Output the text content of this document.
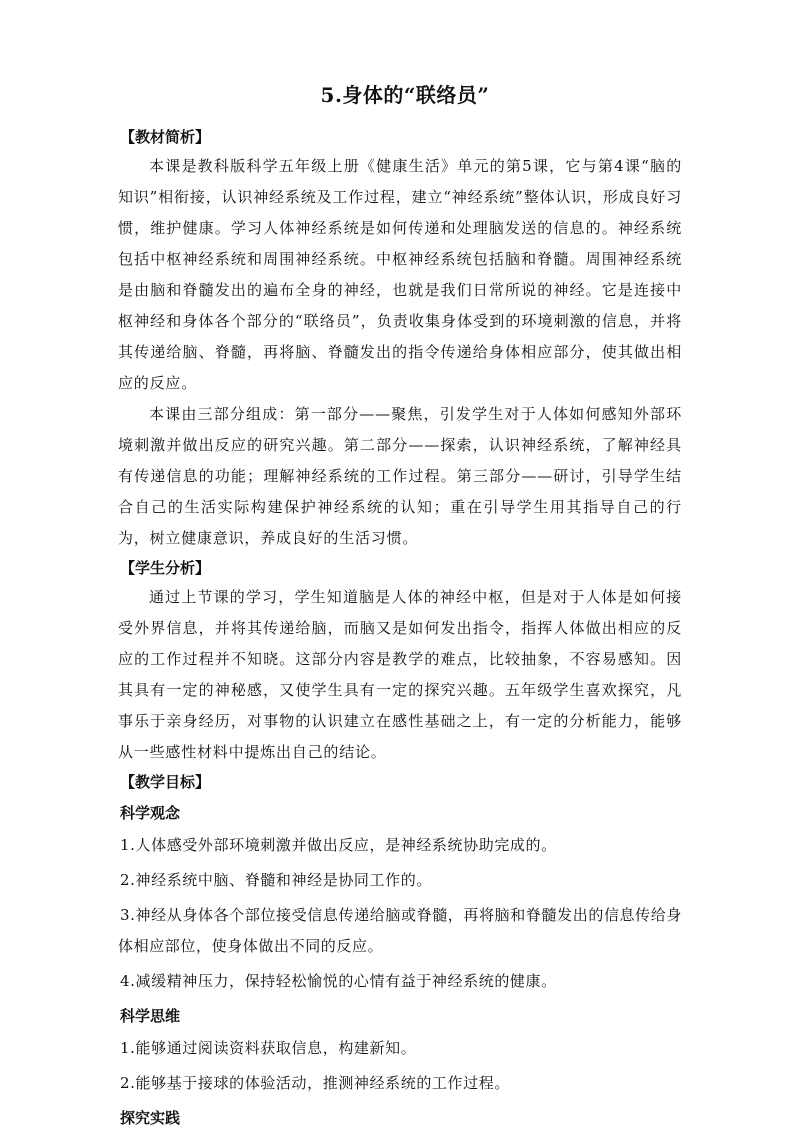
5.身体的“联络员”

【教材简析】

本课是教科版科学五年级上册《健康生活》单元的第5课，它与第4课“脑的知识”相衔接，认识神经系统及工作过程，建立“神经系统”整体认识，形成良好习惯，维护健康。学习人体神经系统是如何传递和处理脑发送的信息的。神经系统包括中枢神经系统和周围神经系统。中枢神经系统包括脑和脊髓。周围神经系统是由脑和脊髓发出的遍布全身的神经，也就是我们日常所说的神经。它是连接中枢神经和身体各个部分的“联络员”，负责收集身体受到的环境刺激的信息，并将其传递给脑、脊髓，再将脑、脊髓发出的指令传递给身体相应部分，使其做出相应的反应。

本课由三部分组成：第一部分——聚焦，引发学生对于人体如何感知外部环境刺激并做出反应的研究兴趣。第二部分——探索，认识神经系统，了解神经具有传递信息的功能；理解神经系统的工作过程。第三部分——研讨，引导学生结合自己的生活实际构建保护神经系统的认知；重在引导学生用其指导自己的行为，树立健康意识，养成良好的生活习惯。

【学生分析】

通过上节课的学习，学生知道脑是人体的神经中枢，但是对于人体是如何接受外界信息，并将其传递给脑，而脑又是如何发出指令，指挥人体做出相应的反应的工作过程并不知晓。这部分内容是教学的难点，比较抽象，不容易感知。因其具有一定的神秘感，又使学生具有一定的探究兴趣。五年级学生喜欢探究，凡事乐于亲身经历，对事物的认识建立在感性基础之上，有一定的分析能力，能够从一些感性材料中提炼出自己的结论。

【教学目标】

科学观念

1.人体感受外部环境刺激并做出反应，是神经系统协助完成的。

2.神经系统中脑、脊髓和神经是协同工作的。

3.神经从身体各个部位接受信息传递给脑或脊髓，再将脑和脊髓发出的信息传给身体相应部位，使身体做出不同的反应。

4.减缓精神压力，保持轻松愉悦的心情有益于神经系统的健康。

科学思维

1.能够通过阅读资料获取信息，构建新知。

2.能够基于接球的体验活动，推测神经系统的工作过程。

探究实践
